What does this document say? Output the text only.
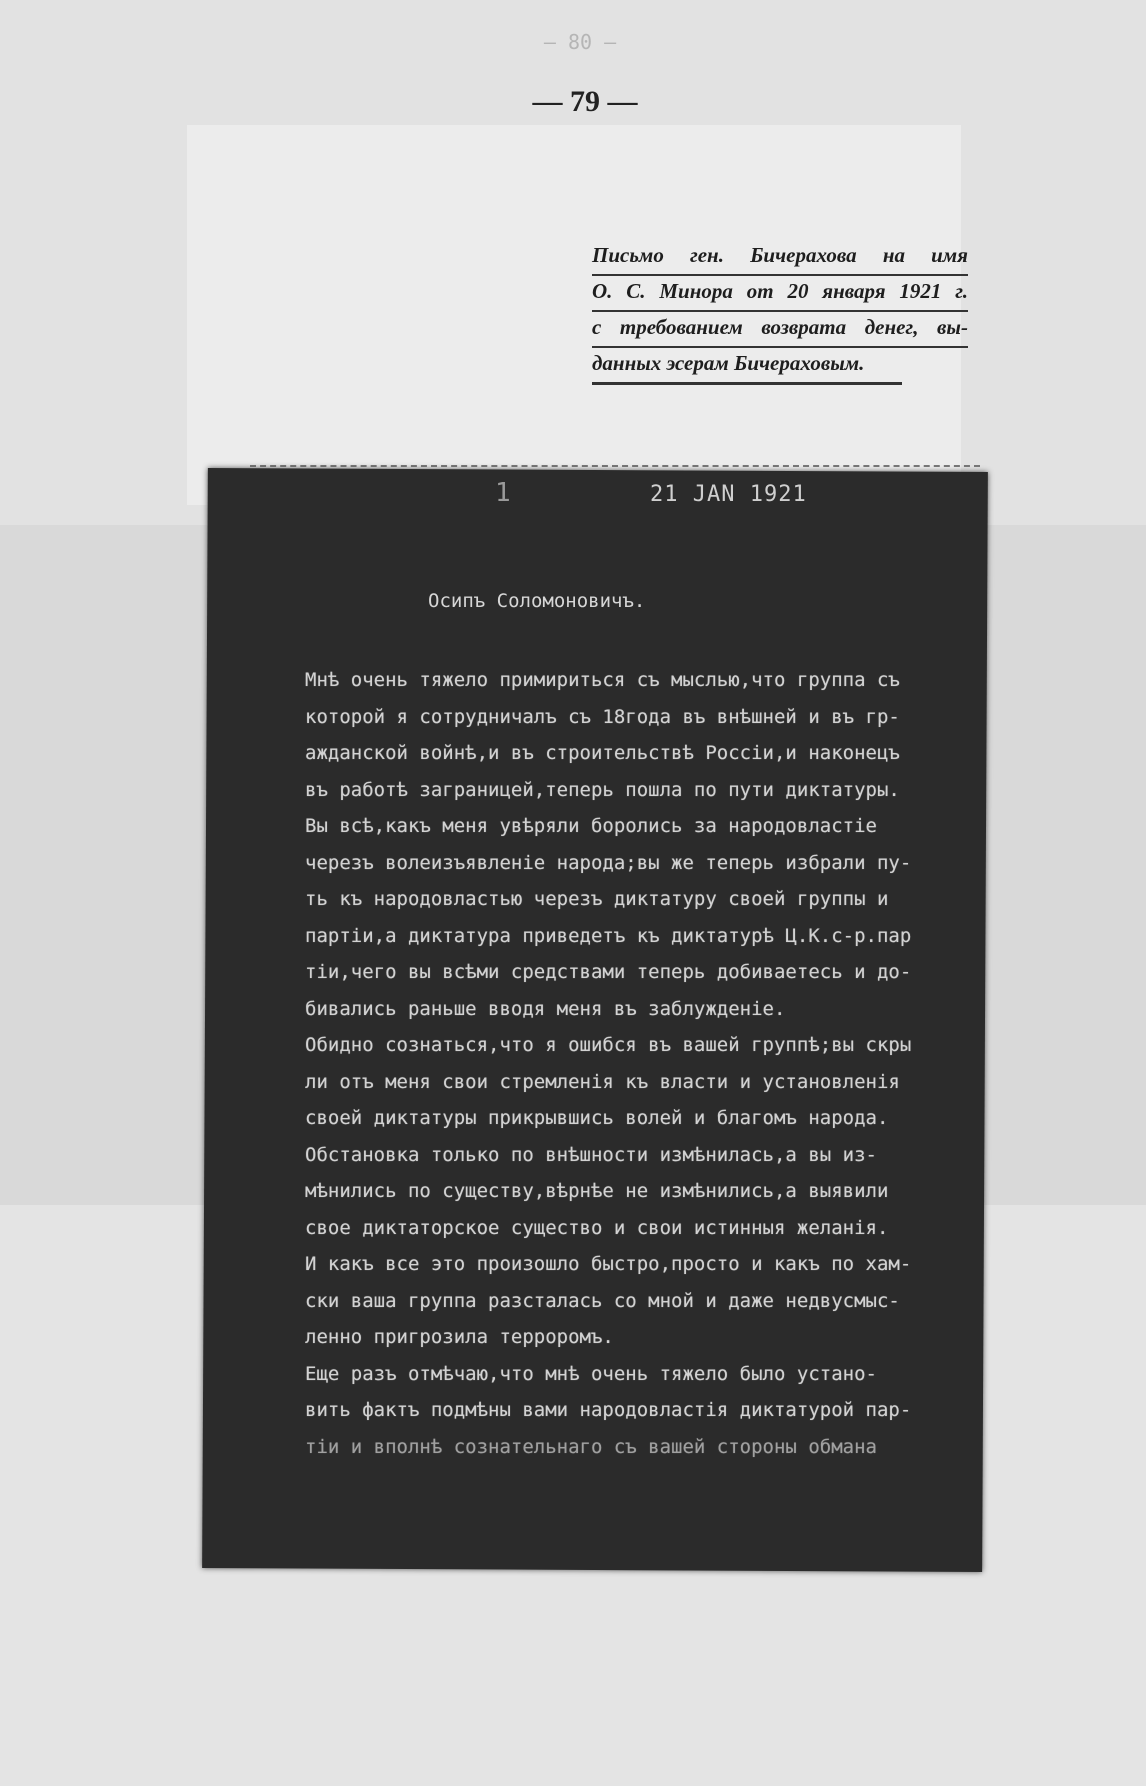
— 80 —
— 79 —
Письмо ген. Бичерахова на имя
О. С. Минора от 20 января 1921 г.
с требованием возврата денег, вы-
данных эсерам Бичераховым.
1	21 JAN 1921
Осипъ Соломоновичъ.
Мнѣ очень тяжело примириться съ мыслью,что группа съ
которой я сотрудничалъ съ 18года въ внѣшней и въ гр-
ажданской войнѣ,и въ строительствѣ Россіи,и наконецъ
въ работѣ заграницей,теперь пошла по пути диктатуры.
Вы всѣ,какъ меня увѣряли боролись за народовластіе
черезъ волеизъявленіе народа;вы же теперь избрали пу-
ть къ народовластью черезъ диктатуру своей группы и
партіи,а диктатура приведетъ къ диктатурѣ Ц.К.с-р.пар
тіи,чего вы всѣми средствами теперь добиваетесь и до-
бивались раньше вводя меня въ заблужденіе.
Обидно сознаться,что я ошибся въ вашей группѣ;вы скры
ли отъ меня свои стремленія къ власти и установленія
своей диктатуры прикрывшись волей и благомъ народа.
Обстановка только по внѣшности измѣнилась,а вы из-
мѣнились по существу,вѣрнѣе не измѣнились,а выявили
свое диктаторское существо и свои истинныя желанія.
И какъ все это произошло быстро,просто и какъ по хам-
ски ваша группа разсталась со мной и даже недвусмыс-
ленно пригрозила терроромъ.
Еще разъ отмѣчаю,что мнѣ очень тяжело было устано-
вить фактъ подмѣны вами народовластія диктатурой пар-
тіи и вполнѣ сознательнаго съ вашей стороны обмана
